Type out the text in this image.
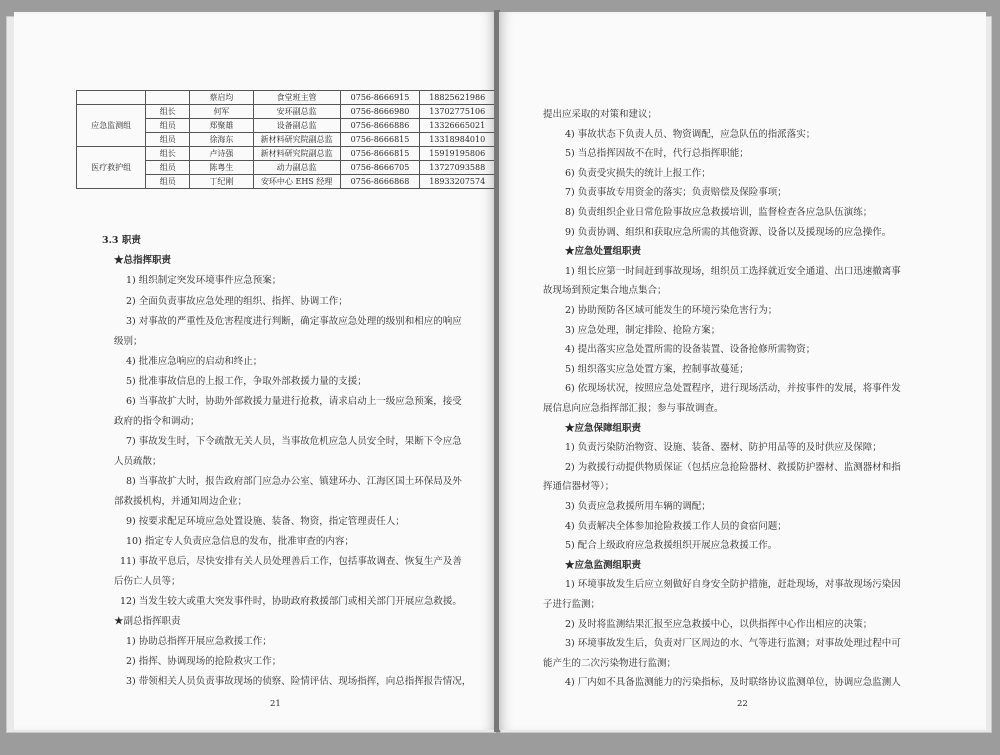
		蔡启均	食堂班主管	0756-8666915	18825621986
应急监测组	组长	何军	安环副总监	0756-8666980	13702775106
	组员	郑聚雄	设备副总监	0756-8666886	13326665021
	组员	徐海东	新材料研究院副总监	0756-8666815	13318984010
医疗救护组	组长	卢诗强	新材料研究院副总监	0756-8666815	15919195806
	组员	陈粤生	动力副总监	0756-8666705	13727093588
	组员	丁纪刚	安环中心 EHS 经理	0756-8666868	18933207574
3.3 职责
★总指挥职责
1) 组织制定突发环境事件应急预案；
2) 全面负责事故应急处理的组织、指挥、协调工作；
3) 对事故的严重性及危害程度进行判断，确定事故应急处理的级别和相应的响应
级别；
4) 批准应急响应的启动和终止；
5) 批准事故信息的上报工作，争取外部救援力量的支援；
6) 当事故扩大时，协助外部救援力量进行抢救，请求启动上一级应急预案，接受
政府的指令和调动；
7) 事故发生时，下令疏散无关人员，当事故危机应急人员安全时，果断下令应急
人员疏散；
8) 当事故扩大时，报告政府部门应急办公室、镇建环办、江海区国土环保局及外
部救援机构，并通知周边企业；
9) 按要求配足环境应急处置设施、装备、物资，指定管理责任人；
10) 指定专人负责应急信息的发布，批准审查的内容；
11) 事故平息后，尽快安排有关人员处理善后工作，包括事故调查、恢复生产及善
后伤亡人员等；
12) 当发生较大或重大突发事件时，协助政府救援部门或相关部门开展应急救援。
★副总指挥职责
1) 协助总指挥开展应急救援工作；
2) 指挥、协调现场的抢险救灾工作；
3) 带领相关人员负责事故现场的侦察、险情评估、现场指挥，向总指挥报告情况，
21
提出应采取的对策和建议；
4) 事故状态下负责人员、物资调配，应急队伍的指派落实；
5) 当总指挥因故不在时，代行总指挥职能；
6) 负责受灾损失的统计上报工作；
7) 负责事故专用资金的落实；负责赔偿及保险事项；
8) 负责组织企业日常危险事故应急救援培训，监督检查各应急队伍演练；
9) 负责协调、组织和获取应急所需的其他资源、设备以及援现场的应急操作。
★应急处置组职责
1) 组长应第一时间赶到事故现场，组织员工选择就近安全通道、出口迅速撤离事
故现场到预定集合地点集合；
2) 协助预防各区域可能发生的环境污染危害行为；
3) 应急处理，制定排险、抢险方案；
4) 提出落实应急处置所需的设备装置、设备抢修所需物资；
5) 组织落实应急处置方案，控制事故蔓延；
6) 依现场状况，按照应急处置程序，进行现场活动，并按事件的发展，将事件发
展信息向应急指挥部汇报；参与事故调查。
★应急保障组职责
1) 负责污染防治物资、设施、装备、器材、防护用品等的及时供应及保障；
2) 为救援行动提供物质保证（包括应急抢险器材、救援防护器材、监测器材和指
挥通信器材等）；
3) 负责应急救援所用车辆的调配；
4) 负责解决全体参加抢险救援工作人员的食宿问题；
5) 配合上级政府应急救援组织开展应急救援工作。
★应急监测组职责
1) 环境事故发生后应立刻做好自身安全防护措施，赶赴现场，对事故现场污染因
子进行监测；
2) 及时将监测结果汇报至应急救援中心，以供指挥中心作出相应的决策；
3) 环境事故发生后，负责对厂区周边的水、气等进行监测；对事故处理过程中可
能产生的二次污染物进行监测；
4) 厂内如不具备监测能力的污染指标，及时联络协议监测单位，协调应急监测人
22
